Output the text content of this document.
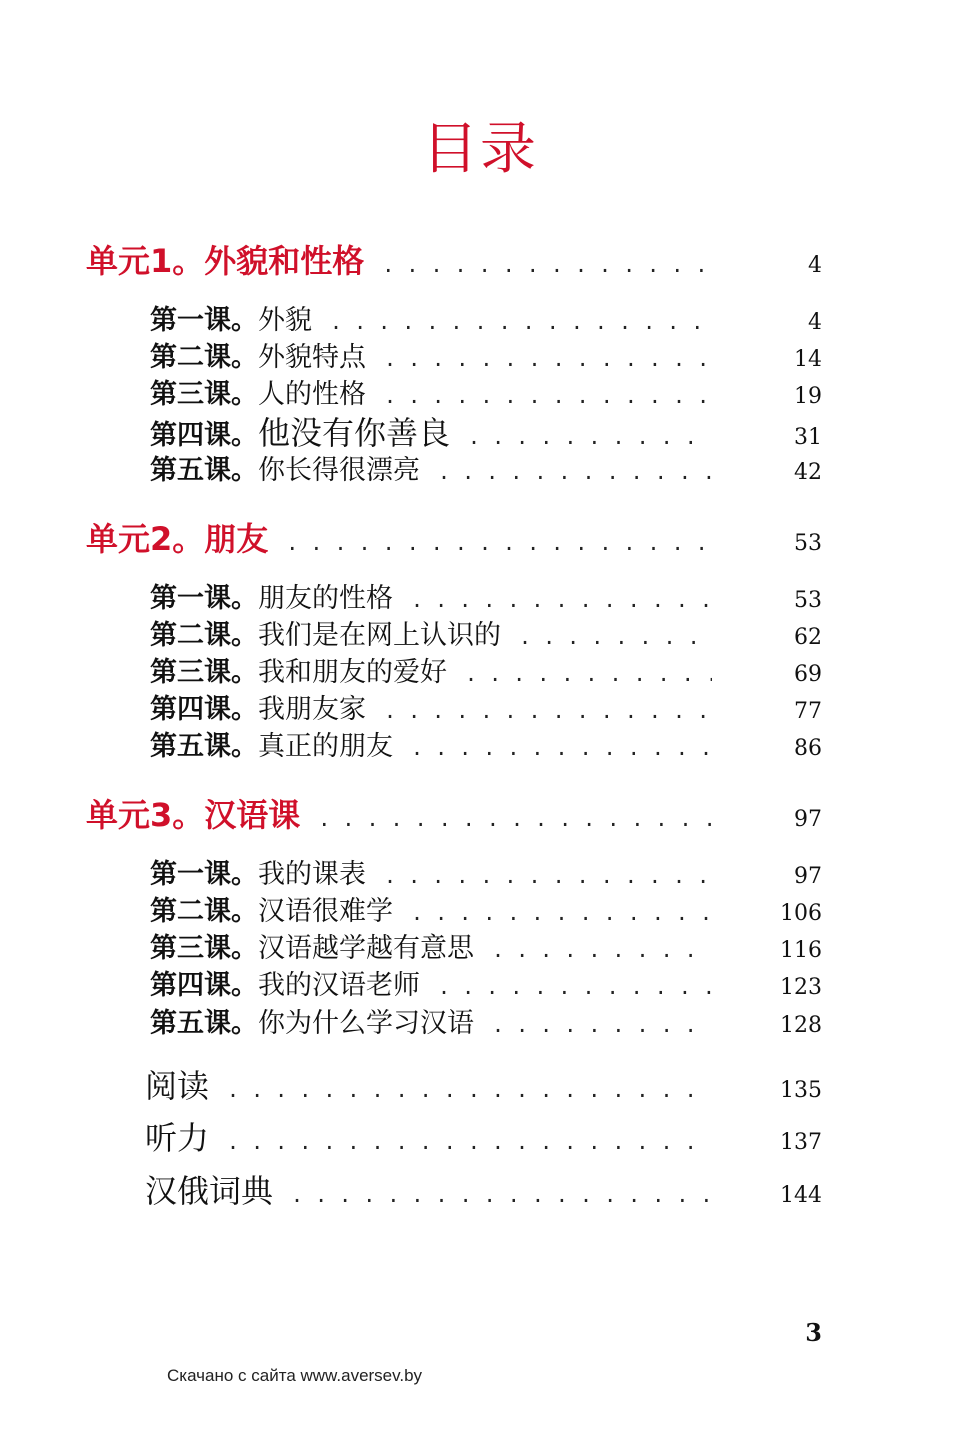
目录
单元1。外貌和性格 . . .	4
第一课。 外貌 . . .	4
第二课。 外貌特点 . . .	14
第三课。 人的性格 . . .	19
第四课。 他没有你善良 . . .	31
第五课。 你长得很漂亮 . . .	42
单元2。朋友 . . .	53
第一课。 朋友的性格 . . .	53
第二课。 我们是在网上认识的 . . .	62
第三课。 我和朋友的爱好 . . .	69
第四课。 我朋友家 . . .	77
第五课。 真正的朋友 . . .	86
单元3。汉语课 . . .	97
第一课。 我的课表 . . .	97
第二课。 汉语很难学 . . .	106
第三课。 汉语越学越有意思 . . .	116
第四课。 我的汉语老师 . . .	123
第五课。 你为什么学习汉语 . . .	128
阅读 . . .	135
听力 . . .	137
汉俄词典 . . .	144
3
Скачано с сайта www.aversev.by
